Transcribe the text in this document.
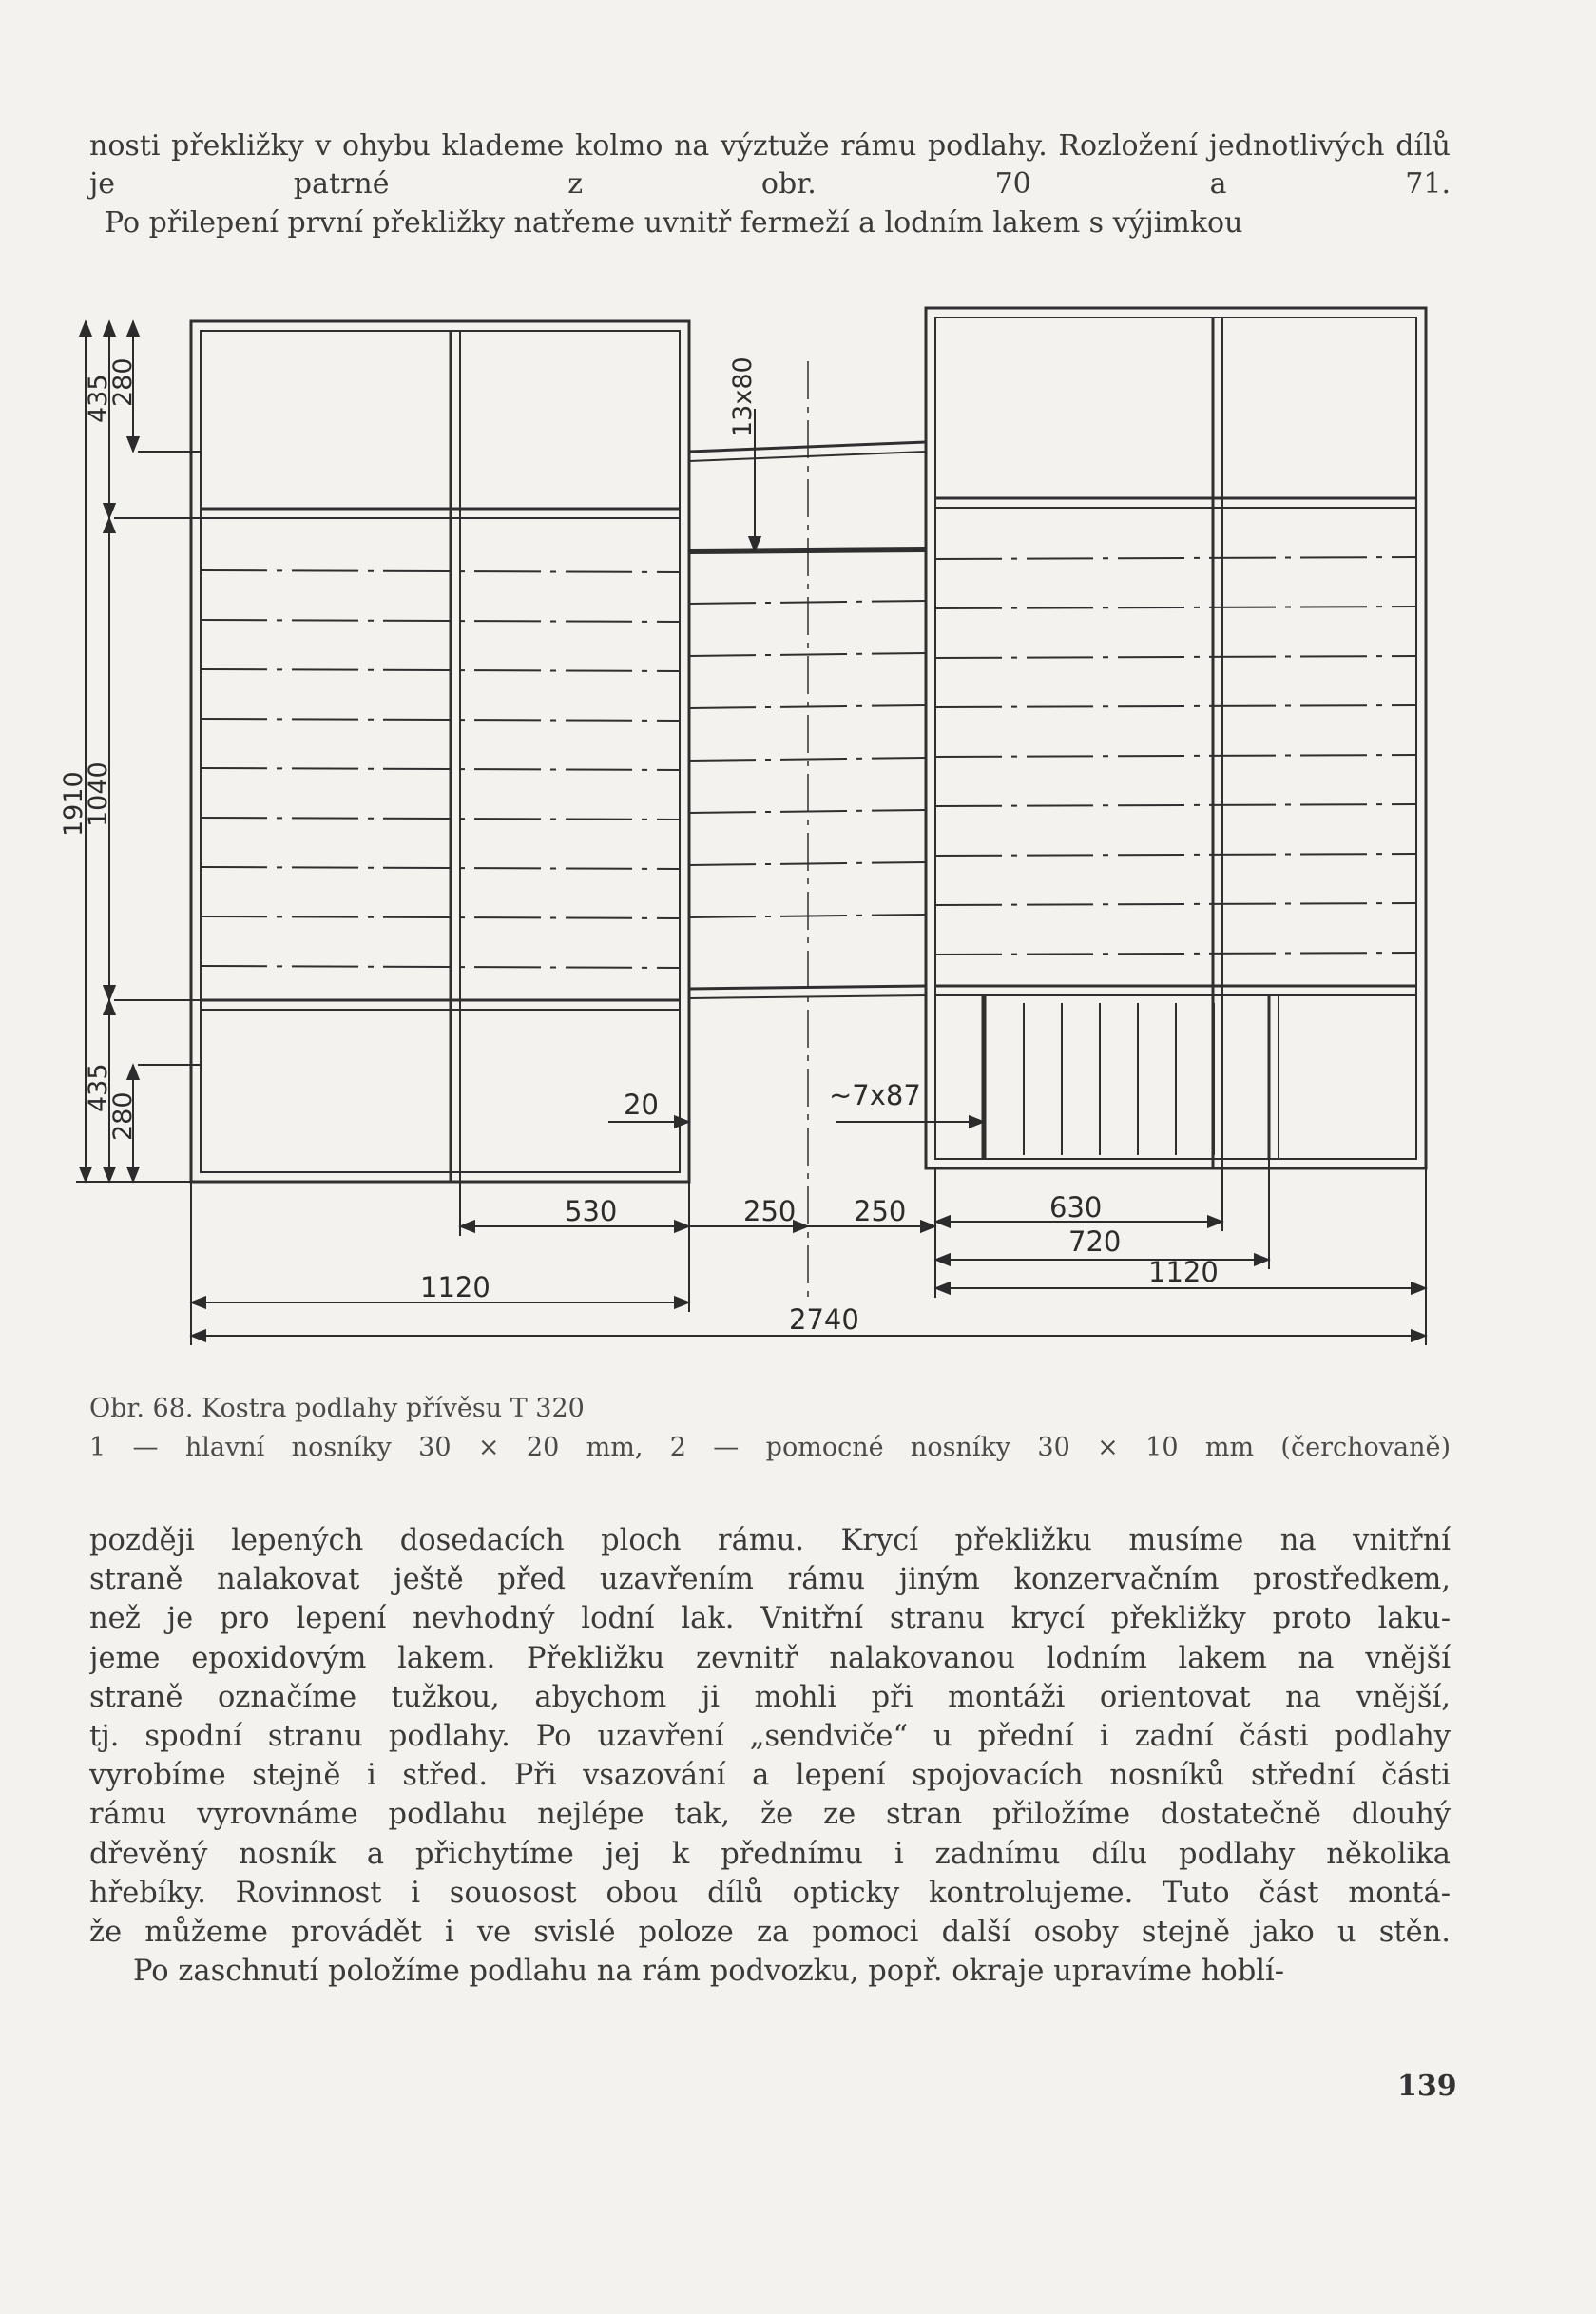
nosti překližky v ohybu klademe kolmo na výztuže rámu podlahy. Rozložení jednotlivých dílů je patrné z obr. 70 a 71.

Po přilepení první překližky natřeme uvnitř fermeží a lodním lakem s výjimkou

435
280
1910
1040
435
280
13x80
20	~7x87
530	250 250	630
720
1120
1120
2740

Obr. 68. Kostra podlahy přívěsu T 320

1 — hlavní nosníky 30 × 20 mm, 2 — pomocné nosníky 30 × 10 mm (čerchovaně)

později lepených dosedacích ploch rámu. Krycí překližku musíme na vnitřní
straně nalakovat ještě před uzavřením rámu jiným konzervačním prostředkem,
než je pro lepení nevhodný lodní lak. Vnitřní stranu krycí překližky proto laku-
jeme epoxidovým lakem. Překližku zevnitř nalakovanou lodním lakem na vnější
straně označíme tužkou, abychom ji mohli při montáži orientovat na vnější,
tj. spodní stranu podlahy. Po uzavření „sendviče“ u přední i zadní části podlahy
vyrobíme stejně i střed. Při vsazování a lepení spojovacích nosníků střední části
rámu vyrovnáme podlahu nejlépe tak, že ze stran přiložíme dostatečně dlouhý
dřevěný nosník a přichytíme jej k přednímu i zadnímu dílu podlahy několika
hřebíky. Rovinnost i souosost obou dílů opticky kontrolujeme. Tuto část montá-
že můžeme provádět i ve svislé poloze za pomoci další osoby stejně jako u stěn.
Po zaschnutí položíme podlahu na rám podvozku, popř. okraje upravíme hoblí-
139
